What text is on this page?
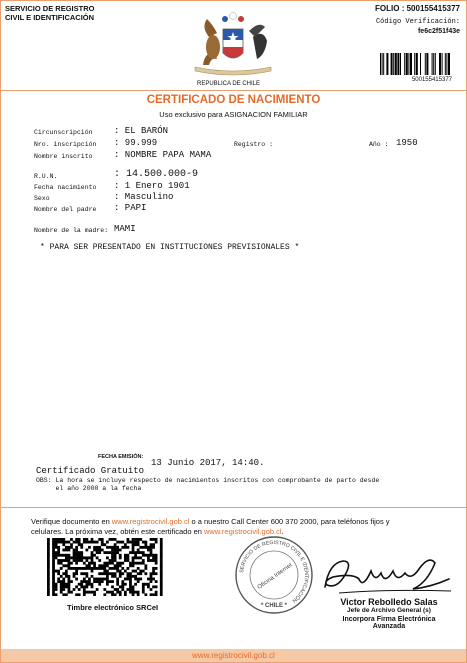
SERVICIO DE REGISTRO
CIVIL E IDENTIFICACIÓN
REPUBLICA DE CHILE
FOLIO : 500155415377
Código Verificación:
fe6c2f51f43e
500155415377
CERTIFICADO DE NACIMIENTO
Uso exclusivo para ASIGNACION FAMILIAR
Circunscripción : EL BARÓN
Nro. inscripción : 99.999	Registro :	Año : 1950
Nombre inscrito : NOMBRE PAPA MAMA
R.U.N.	: 14.500.000-9
Fecha nacimiento : 1 Enero 1901
Sexo	: Masculino
Nombre del padre : PAPI
Nombre de la madre: MAMI
* PARA SER PRESENTADO EN INSTITUCIONES PREVISIONALES *
FECHA EMISIÓN:
13 Junio 2017, 14:40.
Certificado Gratuito
OBS: La hora se incluye respecto de nacimientos inscritos con comprobante de parto desde
el año 2000 a la fecha
Verifique documento en www.registrocivil.gob.cl o a nuestro Call Center 600 370 2000, para teléfonos fijos y
celulares. La próxima vez, obtén este certificado en www.registrocivil.gob.cl.
Timbre electrónico SRCeI
SERVICIO DE REGISTRO CIVIL E IDENTIFICACIÓN
Oficina Internet
* CHILE *	Victor Rebolledo Salas
Jefe de Archivo General (s)
Incorpora Firma Electrónica
Avanzada
www.registrocivil.gob.cl
